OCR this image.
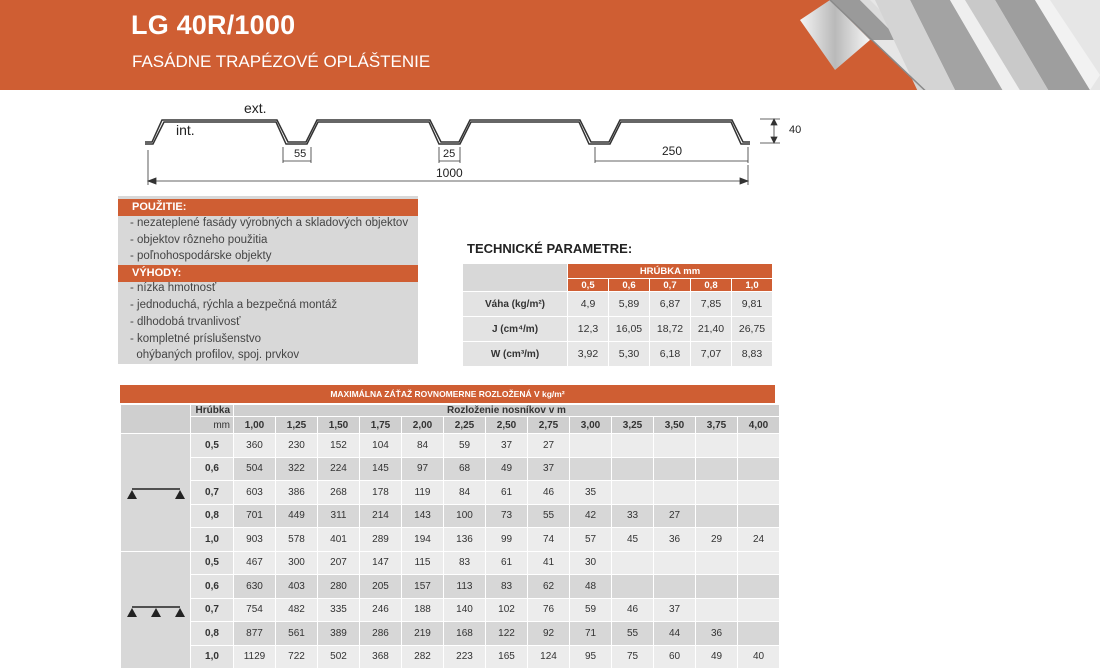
LG 40R/1000
FASÁDNE TRAPÉZOVÉ OPLÁŠTENIE
ext.
int.
55	25	250
1000
40
POUŽITIE:
- nezateplené fasády výrobných a skladových objektov
- objektov rôzneho použitia
- poľnohospodárske objekty
VÝHODY:
- nízka hmotnosť
- jednoduchá, rýchla a bezpečná montáž
- dlhodobá trvanlivosť
- kompletné príslušenstvo
ohýbaných profilov, spoj. prvkov
TECHNICKÉ PARAMETRE:
	HRÚBKA mm				
	0,5	0,6	0,7	0,8	1,0
Váha (kg/m²)	4,9	5,89	6,87	7,85	9,81
J (cm⁴/m)	12,3	16,05	18,72	21,40	26,75
W (cm³/m)	3,92	5,30	6,18	7,07	8,83
MAXIMÁLNA ZÁŤAŽ ROVNOMERNE ROZLOŽENÁ V kg/m²
	Hrúbka	Rozloženie nosníkov v m												
	mm	1,00	1,25	1,50	1,75	2,00	2,25	2,50	2,75	3,00	3,25	3,50	3,75	4,00

	0,5	360	230	152	104	84	59	37	27					
	0,6	504	322	224	145	97	68	49	37					
	0,7	603	386	268	178	119	84	61	46	35				
	0,8	701	449	311	214	143	100	73	55	42	33	27		
	1,0	903	578	401	289	194	136	99	74	57	45	36	29	24

	0,5	467	300	207	147	115	83	61	41	30				
	0,6	630	403	280	205	157	113	83	62	48				
	0,7	754	482	335	246	188	140	102	76	59	46	37		
	0,8	877	561	389	286	219	168	122	92	71	55	44	36	
	1,0	1129	722	502	368	282	223	165	124	95	75	60	49	40
